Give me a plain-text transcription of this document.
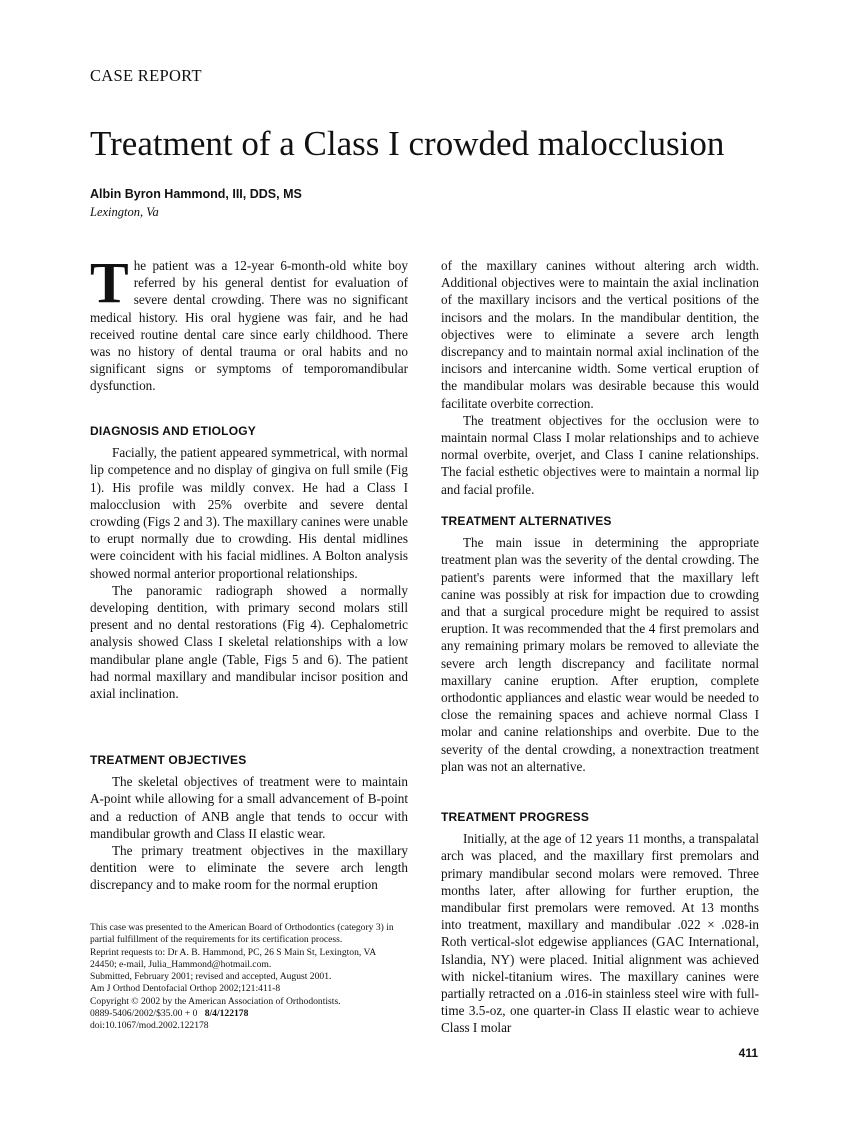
CASE REPORT
Treatment of a Class I crowded malocclusion
Albin Byron Hammond, III, DDS, MS
Lexington, Va

The patient was a 12-year 6-month-old white boy referred by his general dentist for evaluation of severe dental crowding. There was no significant medical history. His oral hygiene was fair, and he had received routine dental care since early childhood. There was no history of dental trauma or oral habits and no significant signs or symptoms of temporomandibular dysfunction.

DIAGNOSIS AND ETIOLOGY

Facially, the patient appeared symmetrical, with normal lip competence and no display of gingiva on full smile (Fig 1). His profile was mildly convex. He had a Class I malocclusion with 25% overbite and severe dental crowding (Figs 2 and 3). The maxillary canines were unable to erupt normally due to crowding. His dental midlines were coincident with his facial midlines. A Bolton analysis showed normal anterior proportional relationships.

The panoramic radiograph showed a normally developing dentition, with primary second molars still present and no dental restorations (Fig 4). Cephalometric analysis showed Class I skeletal relationships with a low mandibular plane angle (Table, Figs 5 and 6). The patient had normal maxillary and mandibular incisor position and axial inclination.

TREATMENT OBJECTIVES

The skeletal objectives of treatment were to maintain A-point while allowing for a small advancement of B-point and a reduction of ANB angle that tends to occur with mandibular growth and Class II elastic wear.

The primary treatment objectives in the maxillary dentition were to eliminate the severe arch length discrepancy and to make room for the normal eruption

This case was presented to the American Board of Orthodontics (category 3) in
partial fulfillment of the requirements for its certification process.
Reprint requests to: Dr A. B. Hammond, PC, 26 S Main St, Lexington, VA
24450; e-mail, Julia_Hammond@hotmail.com.
Submitted, February 2001; revised and accepted, August 2001.
Am J Orthod Dentofacial Orthop 2002;121:411-8
Copyright © 2002 by the American Association of Orthodontists.
0889-5406/2002/$35.00 + 0 8/4/122178
doi:10.1067/mod.2002.122178

of the maxillary canines without altering arch width. Additional objectives were to maintain the axial inclination of the maxillary incisors and the vertical positions of the incisors and the molars. In the mandibular dentition, the objectives were to eliminate a severe arch length discrepancy and to maintain normal axial inclination of the incisors and intercanine width. Some vertical eruption of the mandibular molars was desirable because this would facilitate overbite correction.

The treatment objectives for the occlusion were to maintain normal Class I molar relationships and to achieve normal overbite, overjet, and Class I canine relationships. The facial esthetic objectives were to maintain a normal lip and facial profile.

TREATMENT ALTERNATIVES

The main issue in determining the appropriate treatment plan was the severity of the dental crowding. The patient's parents were informed that the maxillary left canine was possibly at risk for impaction due to crowding and that a surgical procedure might be required to assist eruption. It was recommended that the 4 first premolars and any remaining primary molars be removed to alleviate the severe arch length discrepancy and facilitate normal maxillary canine eruption. After eruption, complete orthodontic appliances and elastic wear would be needed to close the remaining spaces and achieve normal Class I molar and canine relationships and overbite. Due to the severity of the dental crowding, a nonextraction treatment plan was not an alternative.

TREATMENT PROGRESS

Initially, at the age of 12 years 11 months, a transpalatal arch was placed, and the maxillary first premolars and primary mandibular second molars were removed. Three months later, after allowing for further eruption, the mandibular first premolars were removed. At 13 months into treatment, maxillary and mandibular .022 × .028-in Roth vertical-slot edgewise appliances (GAC International, Islandia, NY) were placed. Initial alignment was achieved with nickel-titanium wires. The maxillary canines were partially retracted on a .016-in stainless steel wire with full-time 3.5-oz, one quarter-in Class II elastic wear to achieve Class I molar

411
